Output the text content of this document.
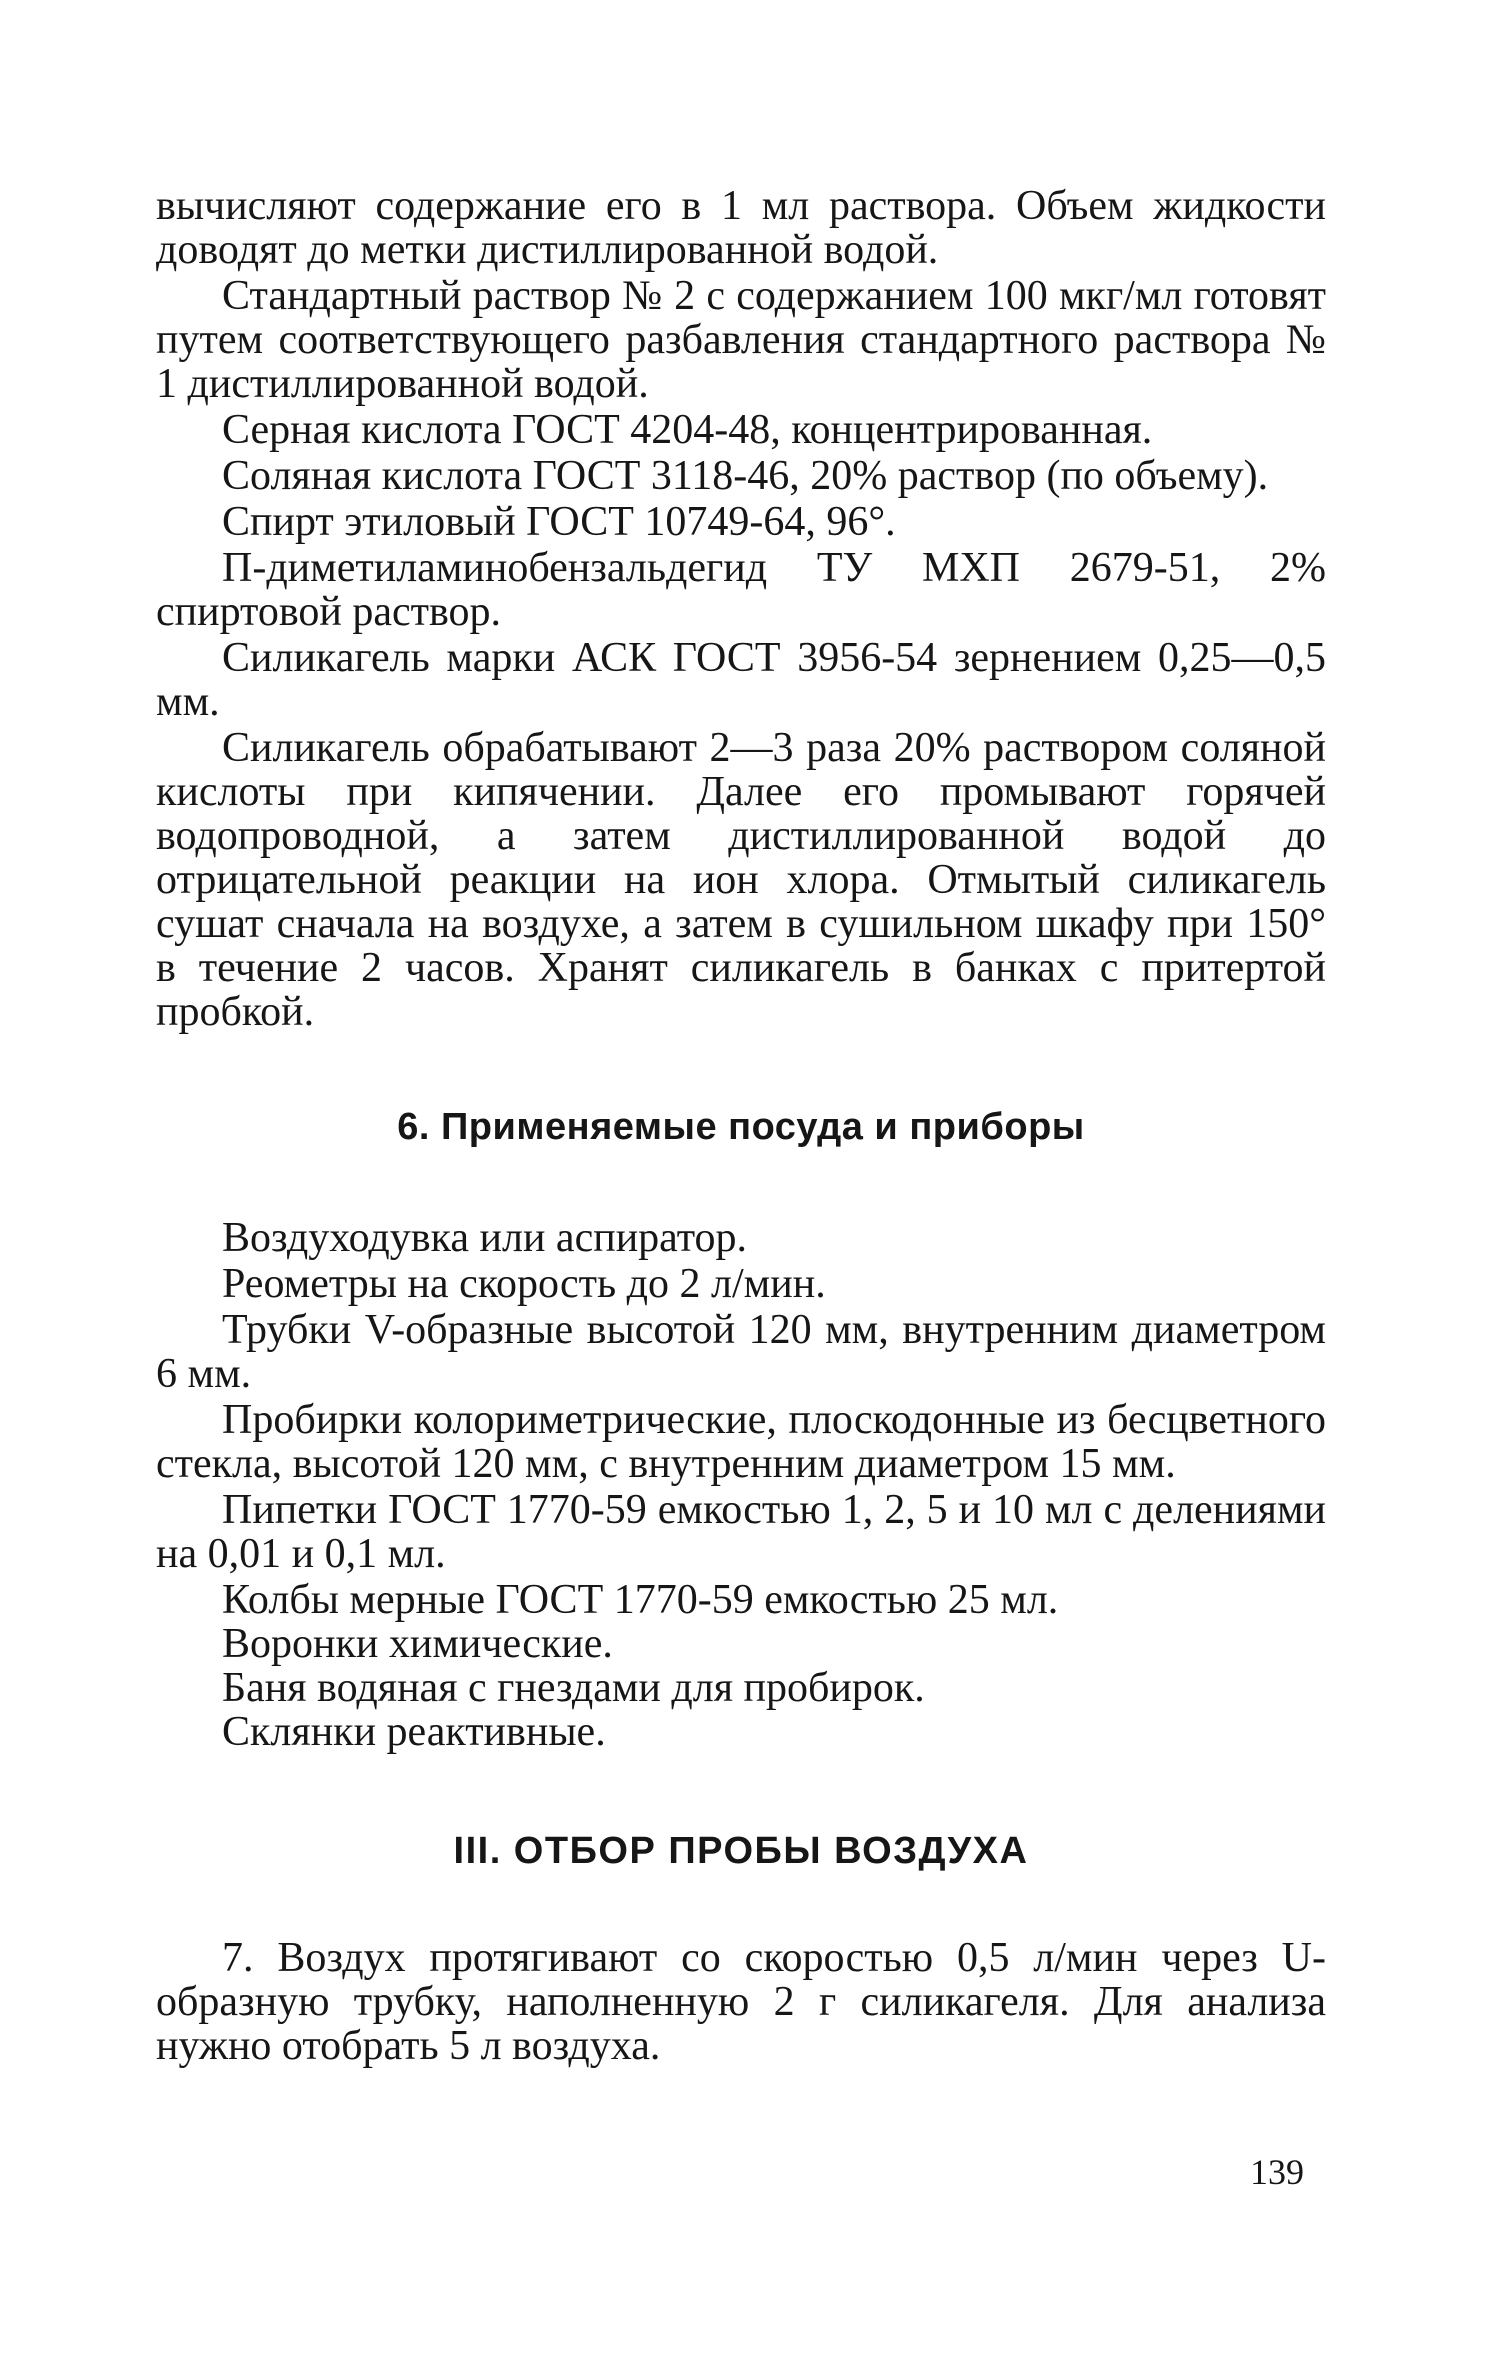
вычисляют содержание его в 1 мл раствора. Объем жидкости доводят до метки дистиллированной водой.

Стандартный раствор № 2 с содержанием 100 мкг/мл готовят путем соответствующего разбавления стандартного раствора № 1 дистиллированной водой.

Серная кислота ГОСТ 4204-48, концентрированная.

Соляная кислота ГОСТ 3118-46, 20% раствор (по объему).

Спирт этиловый ГОСТ 10749-64, 96°.

П-диметиламинобензальдегид ТУ МХП 2679-51, 2% спиртовой раствор.

Силикагель марки АСК ГОСТ 3956-54 зернением 0,25—0,5 мм.

Силикагель обрабатывают 2—3 раза 20% раствором соляной кислоты при кипячении. Далее его промывают горячей водопроводной, а затем дистиллированной водой до отрицательной реакции на ион хлора. Отмытый силикагель сушат сначала на воздухе, а затем в сушильном шкафу при 150° в течение 2 часов. Хранят силикагель в банках с притертой пробкой.

6. Применяемые посуда и приборы

Воздуходувка или аспиратор.

Реометры на скорость до 2 л/мин.

Трубки V-образные высотой 120 мм, внутренним диаметром 6 мм.

Пробирки колориметрические, плоскодонные из бесцветного стекла, высотой 120 мм, с внутренним диаметром 15 мм.

Пипетки ГОСТ 1770-59 емкостью 1, 2, 5 и 10 мл с делениями на 0,01 и 0,1 мл.

Колбы мерные ГОСТ 1770-59 емкостью 25 мл.

Воронки химические.

Баня водяная с гнездами для пробирок.

Склянки реактивные.

III. ОТБОР ПРОБЫ ВОЗДУХА

7. Воздух протягивают со скоростью 0,5 л/мин через U-образную трубку, наполненную 2 г силикагеля. Для анализа нужно отобрать 5 л воздуха.

139
